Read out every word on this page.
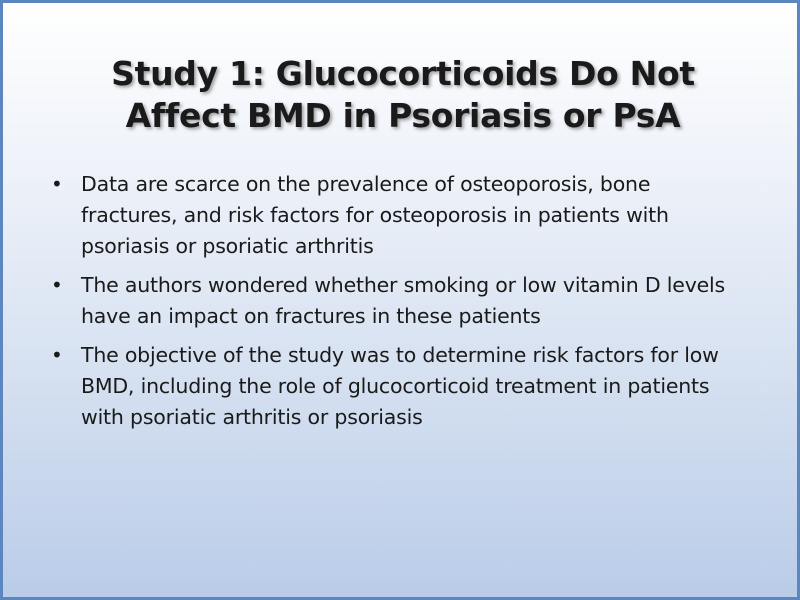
Study 1: Glucocorticoids Do Not
Affect BMD in Psoriasis or PsA
• Data are scarce on the prevalence of osteoporosis, bone fractures, and risk factors for osteoporosis in patients with psoriasis or psoriatic arthritis
• The authors wondered whether smoking or low vitamin D levels have an impact on fractures in these patients
• The objective of the study was to determine risk factors for low BMD, including the role of glucocorticoid treatment in patients with psoriatic arthritis or psoriasis
